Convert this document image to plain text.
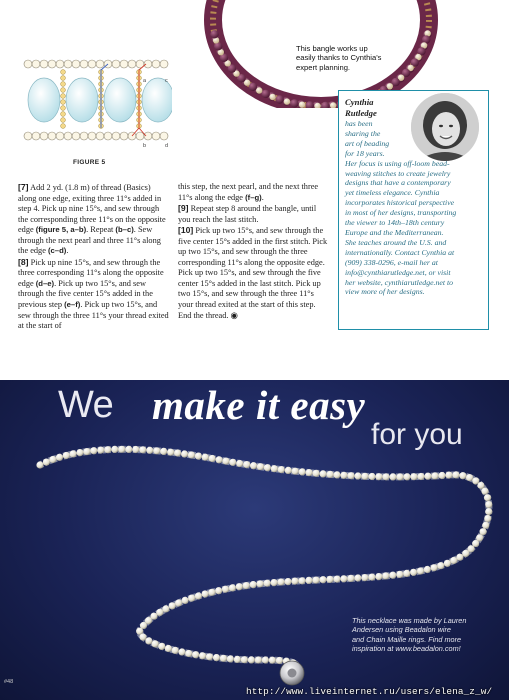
a
b
c
d
FIGURE 5
This bangle works up
easily thanks to Cynthia's
expert planning.
[7] Add 2 yd. (1.8 m) of thread (Basics) along one edge, exiting three 11°s added in step 4. Pick up nine 15°s, and sew through the corresponding three 11°s on the opposite edge (figure 5, a–b). Repeat (b–c). Sew through the next pearl and three 11°s along the edge (c–d).
[8] Pick up nine 15°s, and sew through the three corresponding 11°s along the opposite edge (d–e). Pick up two 15°s, and sew through the five center 15°s added in the previous step (e–f). Pick up two 15°s, and sew through the three 11°s your thread exited at the start of
this step, the next pearl, and the next three 11°s along the edge (f–g).
[9] Repeat step 8 around the bangle, until you reach the last stitch.
[10] Pick up two 15°s, and sew through the five center 15°s added in the first stitch. Pick up two 15°s, and sew through the three corresponding 11°s along the opposite edge. Pick up two 15°s, and sew through the five center 15°s added in the last stitch. Pick up two 15°s, and sew through the three 11°s your thread exited at the start of this step. End the thread. ◉
Cynthia
Rutledge
has been
sharing the
art of beading
for 18 years.
Her focus is using off-loom bead-
weaving stitches to create jewelry
designs that have a contemporary
yet timeless elegance. Cynthia
incorporates historical perspective
in most of her designs, transporting
the viewer to 14th–18th century
Europe and the Mediterranean.
She teaches around the U.S. and
internationally. Contact Cynthia at
(909) 338-0296, e-mail her at
info@cynthiarutledge.net, or visit
her website, cynthiarutledge.net to
view more of her designs.
We make it easy
for you
This necklace was made by Lauren
Andersen using Beadalon wire
and Chain Maille rings. Find more
inspiration at www.beadalon.com!
#48
http://www.liveinternet.ru/users/elena_z_w/
